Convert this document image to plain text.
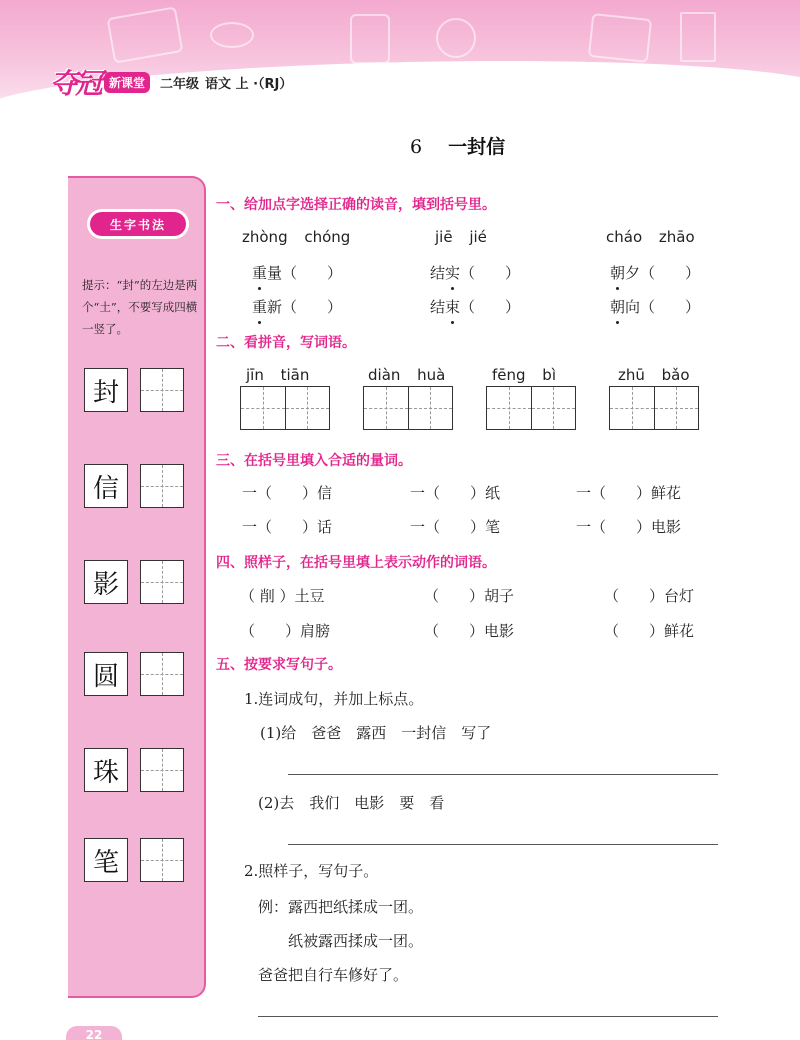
夺冠 新课堂	二年级 语文 上 ·（RJ）
生字书法
提示：“封”的左边是两个“土”，不要写成四横一竖了。
封
信
影
圆
珠
笔
6 一封信
一、给加点字选择正确的读音，填到括号里。
zhòng chóng
重量（　　）
重新（　　）
jiē jié
结实（　　）
结束（　　）
cháo zhāo
朝夕（　　）
朝向（　　）
二、看拼音，写词语。
jīn tiān	diàn huà	fēng bì	zhū bǎo
三、在括号里填入合适的量词。
一（　　）信	一（　　）纸	一（　　）鲜花
一（　　）话	一（　　）笔	一（　　）电影
四、照样子，在括号里填上表示动作的词语。
（ 削 ）土豆	（　　）胡子	（　　）台灯
（　　）肩膀	（　　）电影	（　　）鲜花
五、按要求写句子。
1.连词成句，并加上标点。
(1)给　爸爸　露西　一封信　写了
(2)去　我们　电影　要　看
2.照样子，写句子。
例：露西把纸揉成一团。
纸被露西揉成一团。
爸爸把自行车修好了。
22
